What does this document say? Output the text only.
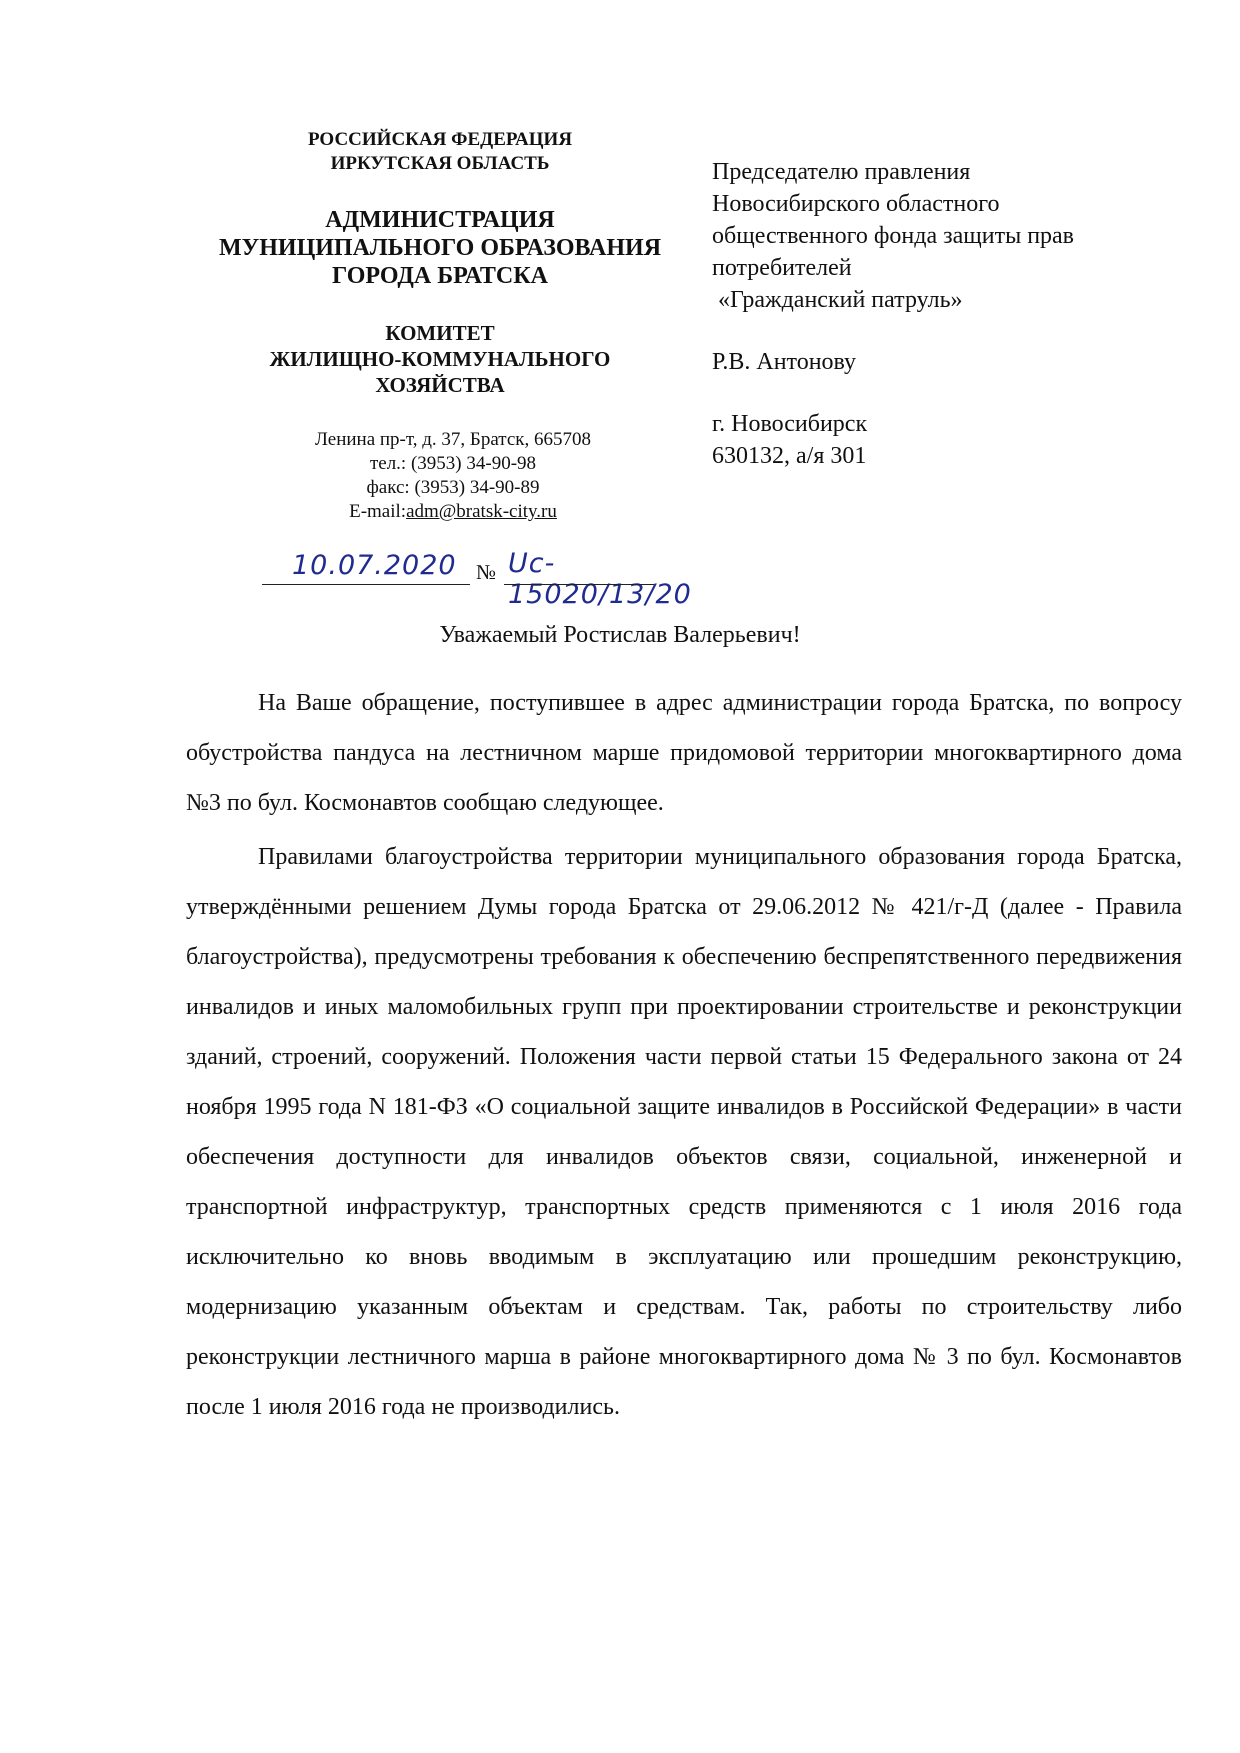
РОССИЙСКАЯ ФЕДЕРАЦИЯ
ИРКУТСКАЯ ОБЛАСТЬ
АДМИНИСТРАЦИЯ
МУНИЦИПАЛЬНОГО ОБРАЗОВАНИЯ
ГОРОДА БРАТСКА
КОМИТЕТ
ЖИЛИЩНО-КОММУНАЛЬНОГО
ХОЗЯЙСТВА
Ленина пр-т, д. 37, Братск, 665708
тел.: (3953) 34-90-98
факс: (3953) 34-90-89
E-mail:adm@bratsk-city.ru
10.07.2020 № Uc-15020/13/20
Председателю правления
Новосибирского областного
общественного фонда защиты прав
потребителей
«Гражданский патруль»
Р.В. Антонову
г. Новосибирск
630132, а/я 301
Уважаемый Ростислав Валерьевич!

На Ваше обращение, поступившее в адрес администрации города Братска, по вопросу обустройства пандуса на лестничном марше придомовой территории многоквартирного дома №3 по бул. Космонавтов сообщаю следующее.

Правилами благоустройства территории муниципального образования города Братска, утверждёнными решением Думы города Братска от 29.06.2012 № 421/г-Д (далее - Правила благоустройства), предусмотрены требования к обеспечению беспрепятственного передвижения инвалидов и иных маломобильных групп при проектировании строительстве и реконструкции зданий, строений, сооружений. Положения части первой статьи 15 Федерального закона от 24 ноября 1995 года N 181-ФЗ «О социальной защите инвалидов в Российской Федерации» в части обеспечения доступности для инвалидов объектов связи, социальной, инженерной и транспортной инфраструктур, транспортных средств применяются с 1 июля 2016 года исключительно ко вновь вводимым в эксплуатацию или прошедшим реконструкцию, модернизацию указанным объектам и средствам. Так, работы по строительству либо реконструкции лестничного марша в районе многоквартирного дома № 3 по бул. Космонавтов после 1 июля 2016 года не производились.
